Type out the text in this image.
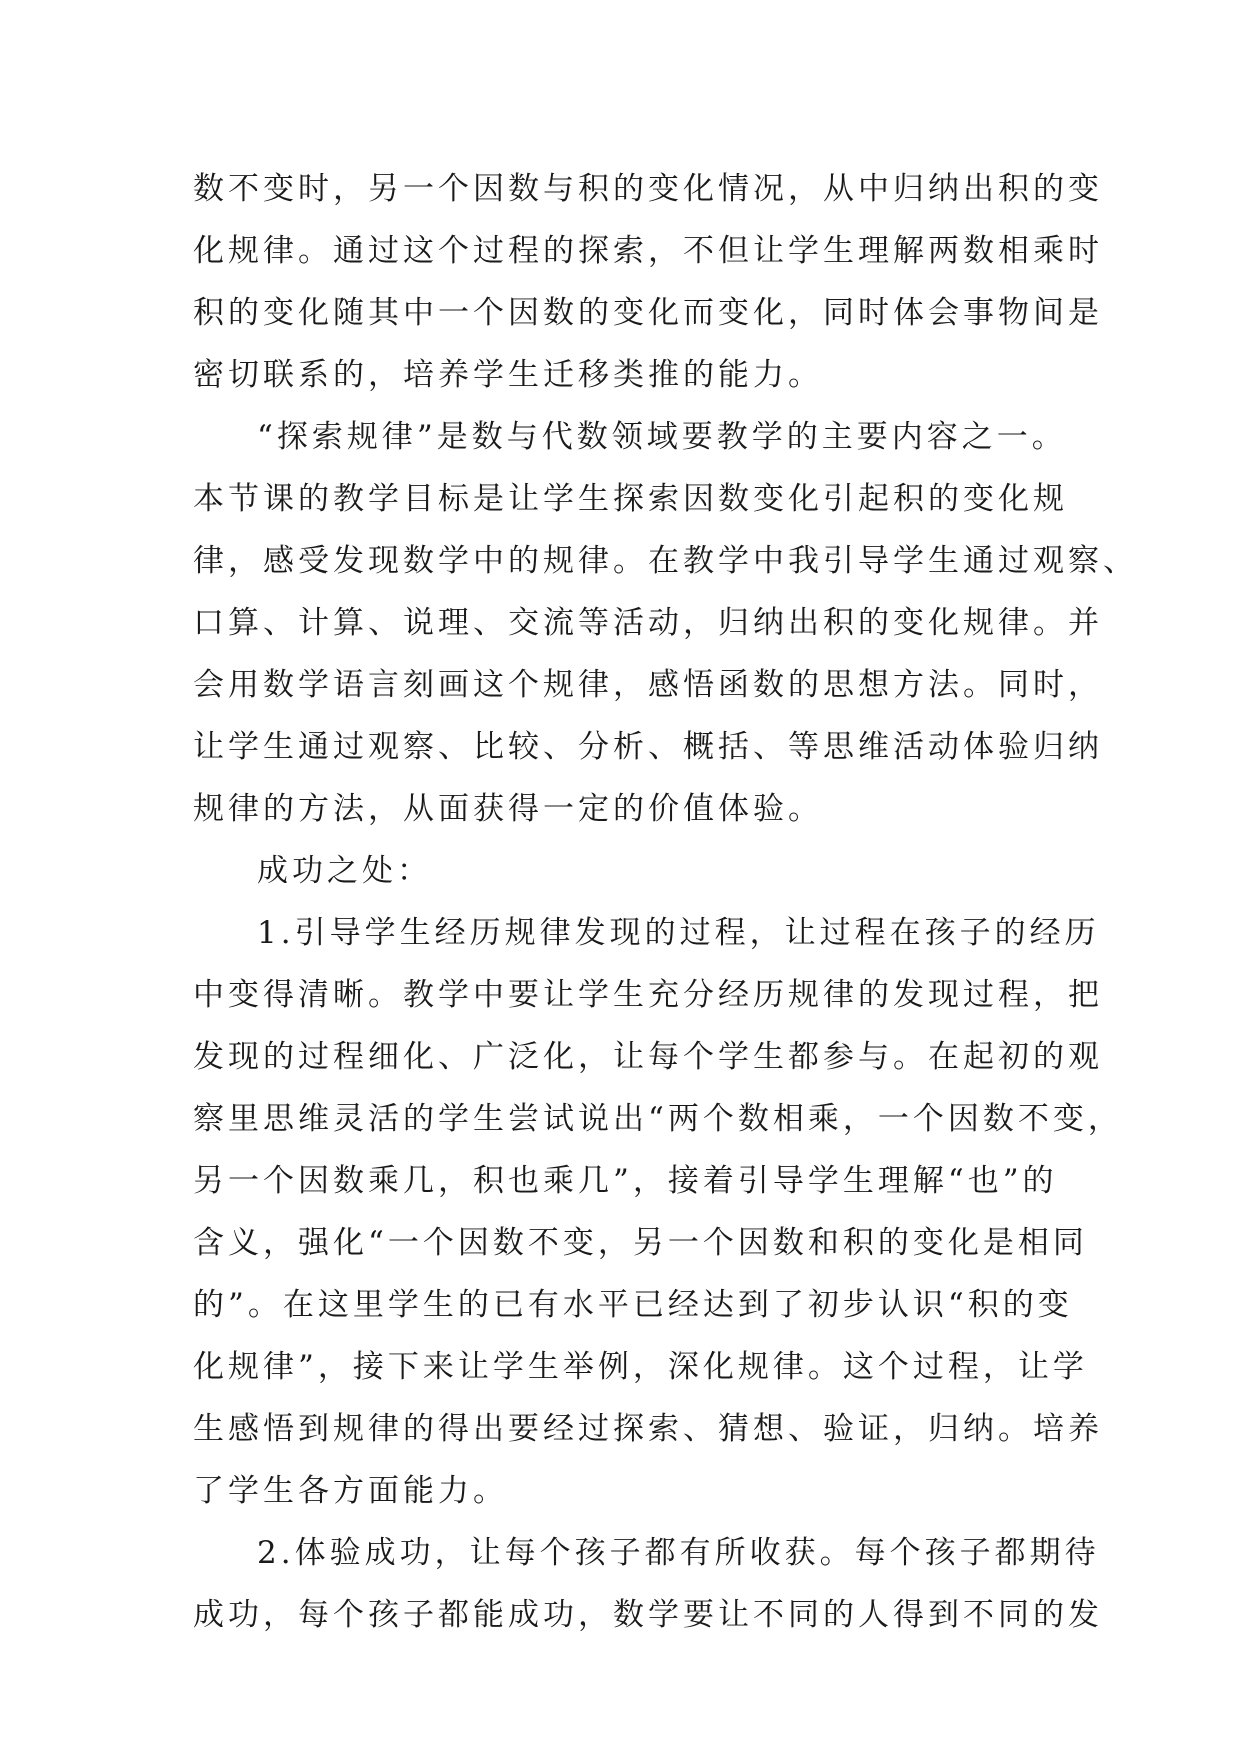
数不变时，另一个因数与积的变化情况，从中归纳出积的变
化规律。通过这个过程的探索，不但让学生理解两数相乘时
积的变化随其中一个因数的变化而变化，同时体会事物间是
密切联系的，培养学生迁移类推的能力。
“探索规律”是数与代数领域要教学的主要内容之一。
本节课的教学目标是让学生探索因数变化引起积的变化规
律，感受发现数学中的规律。在教学中我引导学生通过观察、
口算、计算、说理、交流等活动，归纳出积的变化规律。并
会用数学语言刻画这个规律，感悟函数的思想方法。同时，
让学生通过观察、比较、分析、概括、等思维活动体验归纳
规律的方法，从面获得一定的价值体验。
成功之处：
1.引导学生经历规律发现的过程，让过程在孩子的经历
中变得清晰。教学中要让学生充分经历规律的发现过程，把
发现的过程细化、广泛化，让每个学生都参与。在起初的观
察里思维灵活的学生尝试说出“两个数相乘，一个因数不变，
另一个因数乘几，积也乘几”，接着引导学生理解“也”的
含义，强化“一个因数不变，另一个因数和积的变化是相同
的”。在这里学生的已有水平已经达到了初步认识“积的变
化规律”，接下来让学生举例，深化规律。这个过程，让学
生感悟到规律的得出要经过探索、猜想、验证，归纳。培养
了学生各方面能力。
2.体验成功，让每个孩子都有所收获。每个孩子都期待
成功，每个孩子都能成功，数学要让不同的人得到不同的发
